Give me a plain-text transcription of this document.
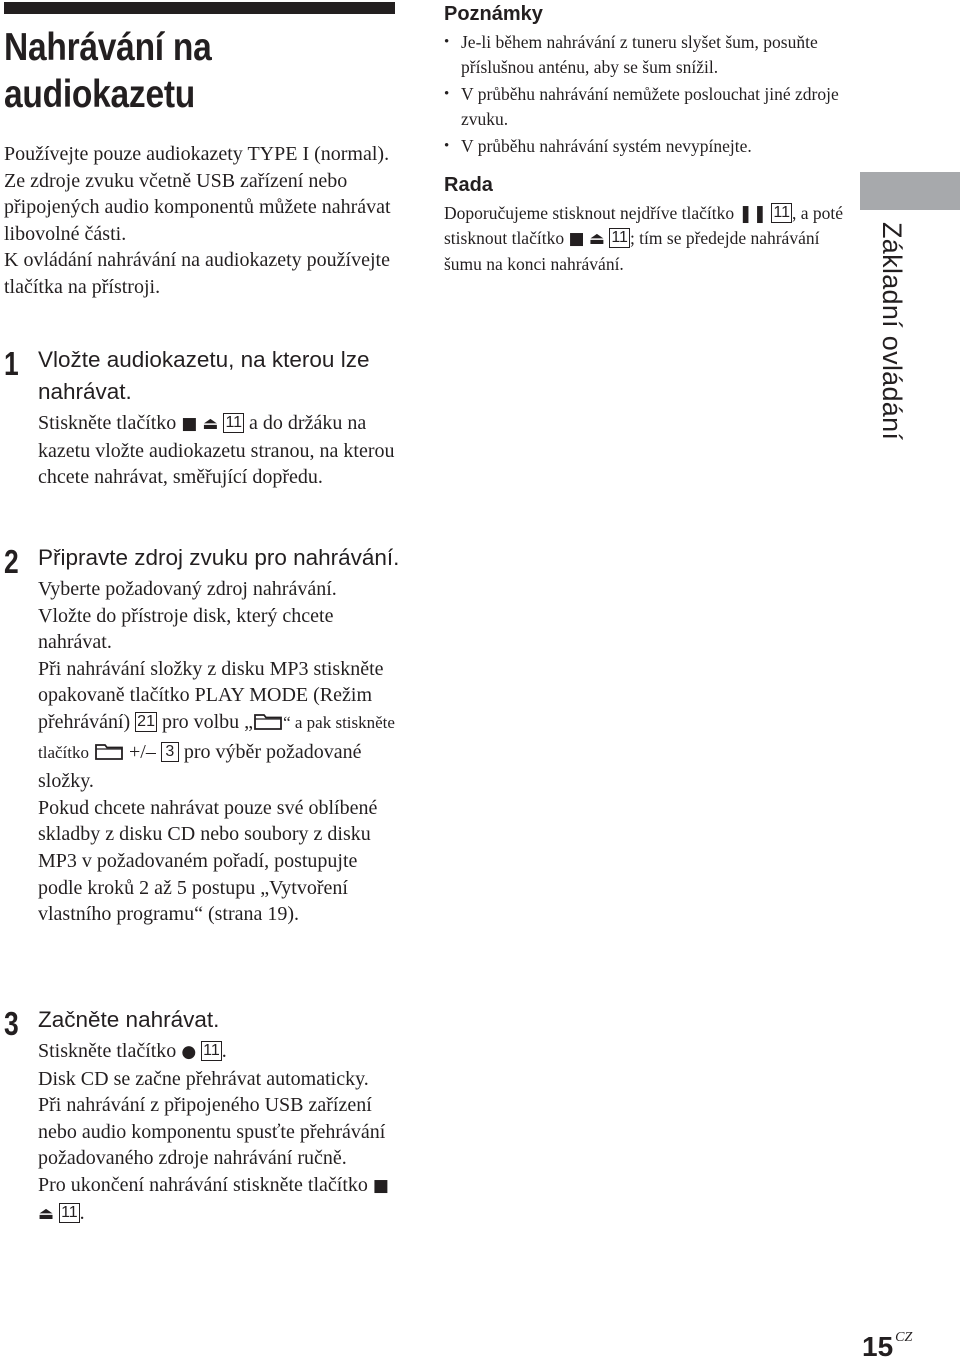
Nahrávání na audiokazetu

Používejte pouze audiokazety TYPE I (normal).

Ze zdroje zvuku včetně USB zařízení nebo připojených audio komponentů můžete nahrávat libovolné části.

K ovládání nahrávání na audiokazety používejte tlačítka na přístroji.

1 Vložte audiokazetu, na kterou lze nahrávat.

Stiskněte tlačítko ■ ⏏ 11 a do držáku na kazetu vložte audiokazetu stranou, na kterou chcete nahrávat, směřující dopředu.

2 Připravte zdroj zvuku pro nahrávání.

Vyberte požadovaný zdroj nahrávání.

Vložte do přístroje disk, který chcete nahrávat.

Při nahrávání složky z disku MP3 stiskněte opakovaně tlačítko PLAY MODE (Režim přehrávání) 21 pro volbu „ “ a pak stiskněte tlačítko +/– 3 pro výběr požadované složky.

Pokud chcete nahrávat pouze své oblíbené skladby z disku CD nebo soubory z disku MP3 v požadovaném pořadí, postupujte podle kroků 2 až 5 postupu „Vytvoření vlastního programu“ (strana 19).

3 Začněte nahrávat.

Stiskněte tlačítko ● 11 .

Disk CD se začne přehrávat automaticky.

Při nahrávání z připojeného USB zařízení nebo audio komponentu spusťte přehrávání požadovaného zdroje nahrávání ručně.

Pro ukončení nahrávání stiskněte tlačítko ■ ⏏ 11 .

Poznámky
• Je-li během nahrávání z tuneru slyšet šum, posuňte příslušnou anténu, aby se šum snížil.
• V průběhu nahrávání nemůžete poslouchat jiné zdroje zvuku.
• V průběhu nahrávání systém nevypínejte.
Rada

Doporučujeme stisknout nejdříve tlačítko ❚❚ 11 , a poté stisknout tlačítko ■ ⏏ 11 ; tím se předejde nahrávání šumu na konci nahrávání.	Základní ovládání
15 $^{CZ}$
